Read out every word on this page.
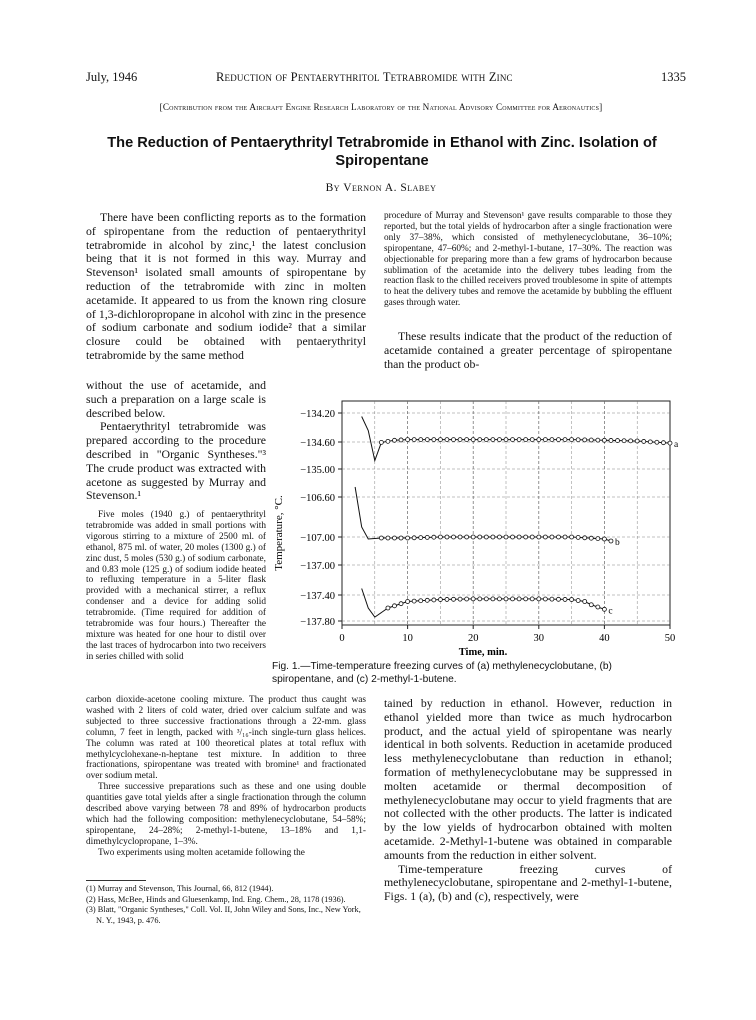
July, 1946	Reduction of Pentaerythritol Tetrabromide with Zinc	1335
[Contribution from the Aircraft Engine Research Laboratory of the National Advisory Committee for Aeronautics]
The Reduction of Pentaerythrityl Tetrabromide in Ethanol with Zinc. Isolation of Spiropentane
By Vernon A. Slabey

There have been conflicting reports as to the formation of spiropentane from the reduction of pentaerythrityl tetrabromide in alcohol by zinc,¹ the latest conclusion being that it is not formed in this way. Murray and Stevenson¹ isolated small amounts of spiropentane by reduction of the tetrabromide with zinc in molten acetamide. It appeared to us from the known ring closure of 1,3-dichloropropane in alcohol with zinc in the presence of sodium carbonate and sodium iodide² that a similar closure could be obtained with pentaerythrityl tetrabromide by the same method

without the use of acetamide, and such a preparation on a large scale is described below.

Pentaerythrityl tetrabromide was prepared according to the procedure described in "Organic Syntheses."³ The crude product was extracted with acetone as suggested by Murray and Stevenson.¹

Five moles (1940 g.) of pentaerythrityl tetrabromide was added in small portions with vigorous stirring to a mixture of 2500 ml. of ethanol, 875 ml. of water, 20 moles (1300 g.) of zinc dust, 5 moles (530 g.) of sodium carbonate, and 0.83 mole (125 g.) of sodium iodide heated to refluxing temperature in a 5-liter flask provided with a mechanical stirrer, a reflux condenser and a device for adding solid tetrabromide. (Time required for addition of tetrabromide was four hours.) Thereafter the mixture was heated for one hour to distil over the last traces of hydrocarbon into two receivers in series chilled with solid

carbon dioxide-acetone cooling mixture. The product thus caught was washed with 2 liters of cold water, dried over calcium sulfate and was subjected to three successive fractionations through a 22-mm. glass column, 7 feet in length, packed with ³/₁₆-inch single-turn glass helices. The column was rated at 100 theoretical plates at total reflux with methylcyclohexane-n-heptane test mixture. In addition to three fractionations, spiropentane was treated with bromine¹ and fractionated over sodium metal.

Three successive preparations such as these and one using double quantities gave total yields after a single fractionation through the column described above varying between 78 and 89% of hydrocarbon products which had the following composition: methylenecyclobutane, 54–58%; spiropentane, 24–28%; 2-methyl-1-butene, 13–18% and 1,1-dimethylcyclopropane, 1–3%.

Two experiments using molten acetamide following the

(1) Murray and Stevenson, This Journal, 66, 812 (1944).

(2) Hass, McBee, Hinds and Gluesenkamp, Ind. Eng. Chem., 28, 1178 (1936).

(3) Blatt, "Organic Syntheses," Coll. Vol. II, John Wiley and Sons, Inc., New York, N. Y., 1943, p. 476.

procedure of Murray and Stevenson¹ gave results comparable to those they reported, but the total yields of hydrocarbon after a single fractionation were only 37–38%, which consisted of methylenecyclobutane, 36–10%; spiropentane, 47–60%; and 2-methyl-1-butane, 17–30%. The reaction was objectionable for preparing more than a few grams of hydrocarbon because sublimation of the acetamide into the delivery tubes leading from the reaction flask to the chilled receivers proved troublesome in spite of attempts to heat the delivery tubes and remove the acetamide by bubbling the effluent gases through water.

These results indicate that the product of the reduction of acetamide contained a greater percentage of spiropentane than the product ob-

−134.20
−134.60
−135.00
−106.60
−107.00
−137.00
−137.40
−137.80
0	10	20	30	40	50
a
b
c
Time, min.
Temperature, °C.
Fig. 1.—Time-temperature freezing curves of (a) methylenecyclobutane, (b) spiropentane, and (c) 2-methyl-1-butene.

tained by reduction in ethanol. However, reduction in ethanol yielded more than twice as much hydrocarbon product, and the actual yield of spiropentane was nearly identical in both solvents. Reduction in acetamide produced less methylenecyclobutane than reduction in ethanol; formation of methylenecyclobutane may be suppressed in molten acetamide or thermal decomposition of methylenecyclobutane may occur to yield fragments that are not collected with the other products. The latter is indicated by the low yields of hydrocarbon obtained with molten acetamide. 2-Methyl-1-butene was obtained in comparable amounts from the reduction in either solvent.

Time-temperature freezing curves of methylenecyclobutane, spiropentane and 2-methyl-1-butene, Figs. 1 (a), (b) and (c), respectively, were
